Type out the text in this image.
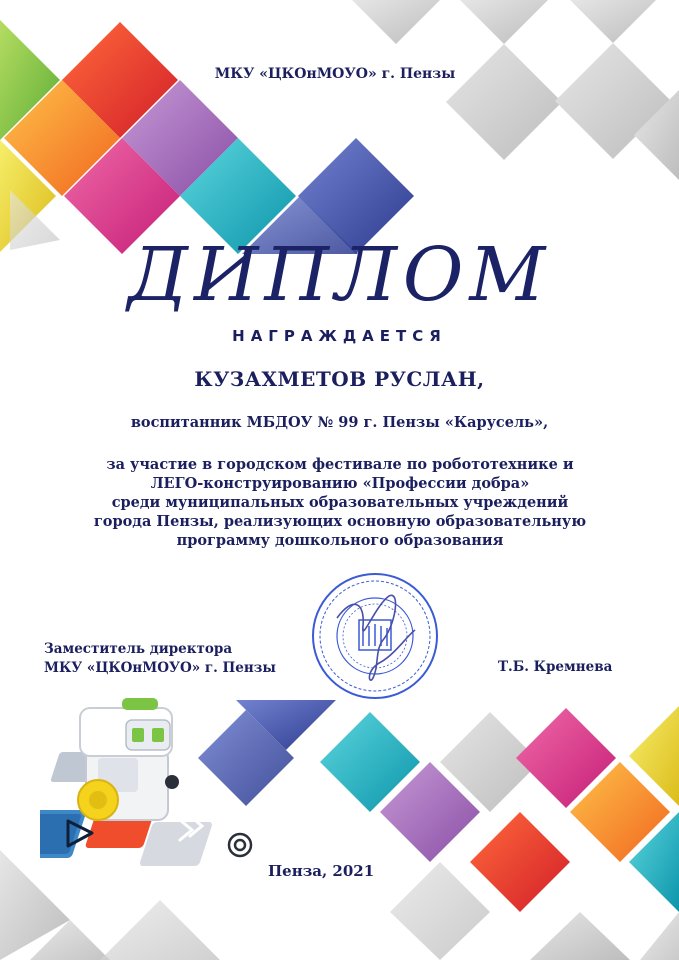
МКУ «ЦКОнМОУО» г. Пензы
ДИПЛОМ
НАГРАЖДАЕТСЯ
КУЗАХМЕТОВ РУСЛАН,
воспитанник МБДОУ № 99 г. Пензы «Карусель»,
за участие в городском фестивале по робототехнике и
ЛЕГО-конструированию «Профессии добра»
среди муниципальных образовательных учреждений
города Пензы, реализующих основную образовательную
программу дошкольного образования
Заместитель директора
МКУ «ЦКОнМОУО» г. Пензы	Т.Б. Кремнева
Пенза, 2021
